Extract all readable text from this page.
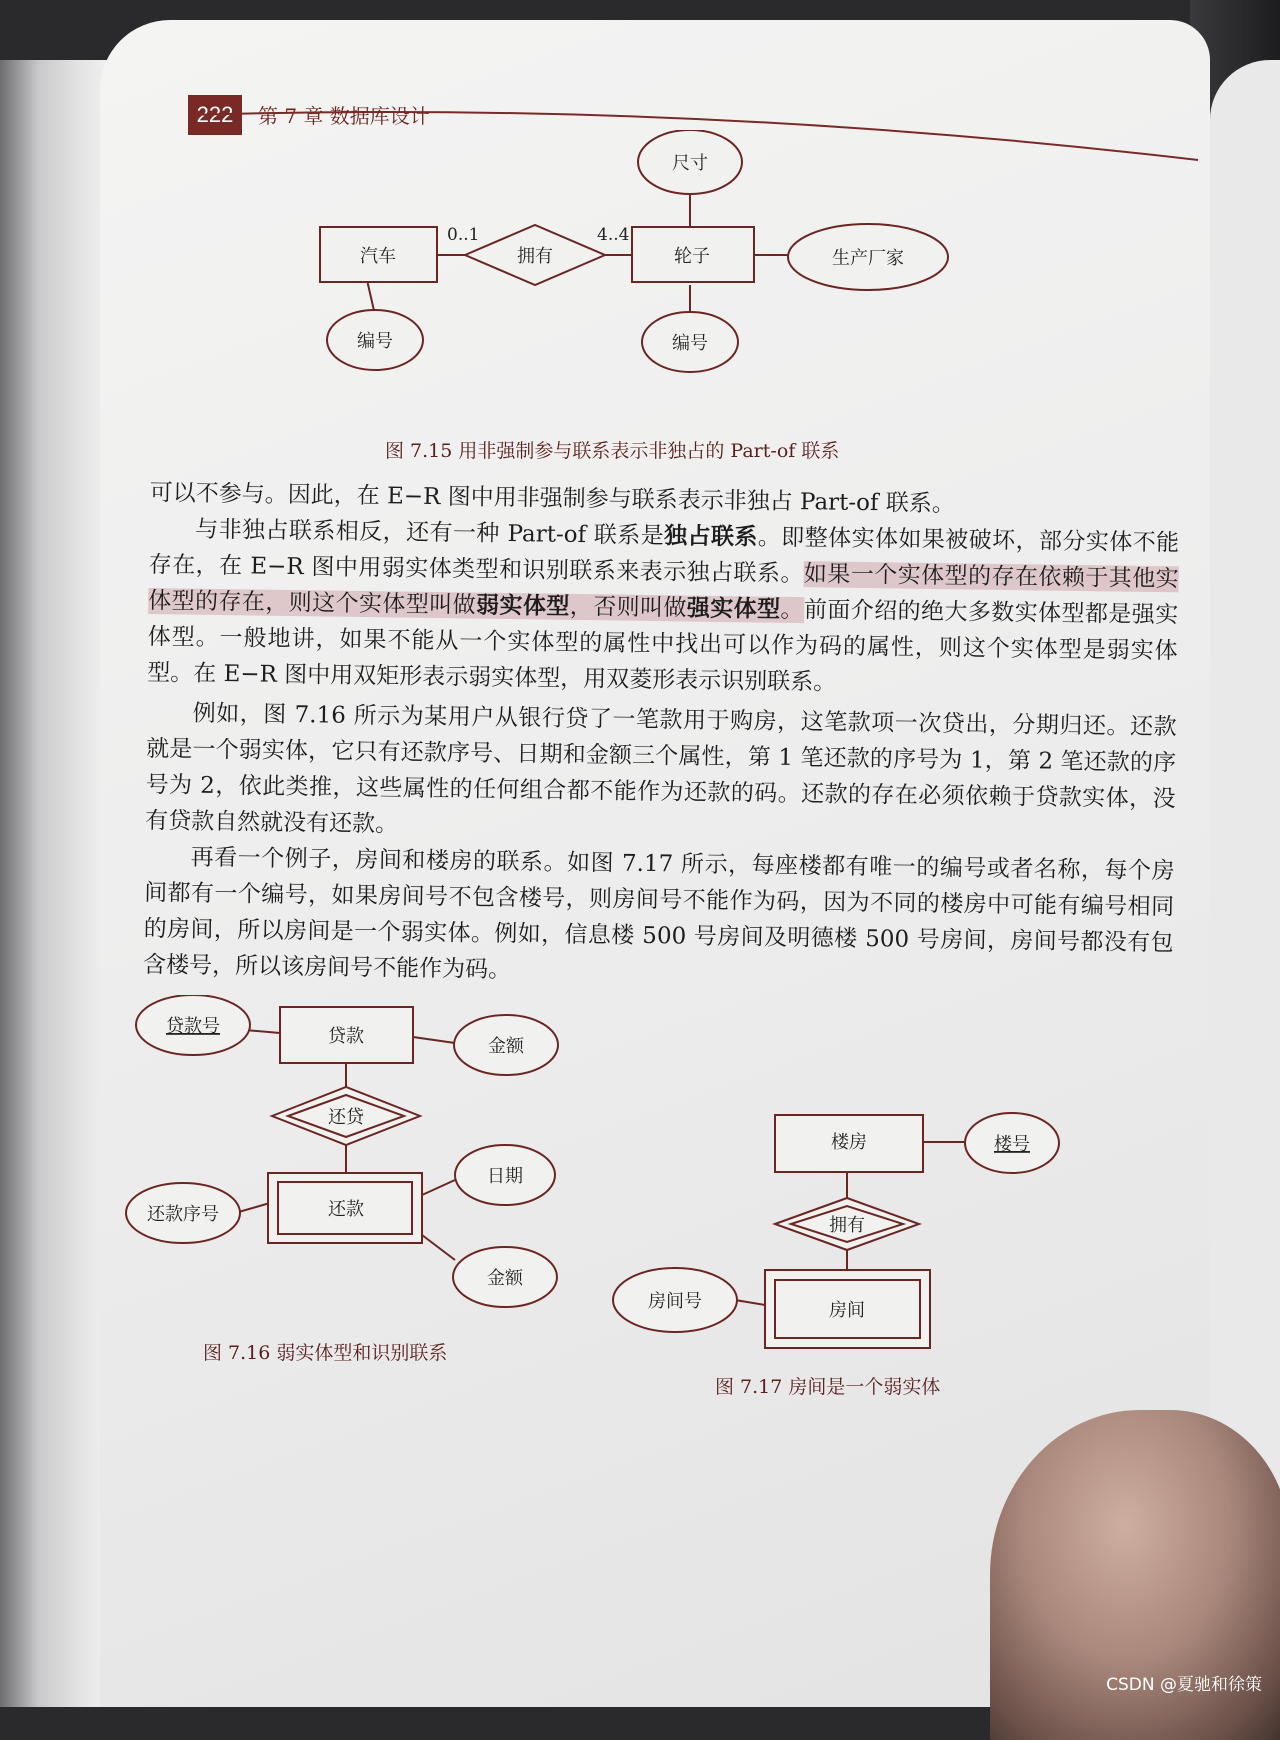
222	第 7 章 数据库设计
汽车	轮子
拥有
0..1	4..4
尺寸
生产厂家
编号	编号
图 7.15 用非强制参与联系表示非独占的 Part-of 联系

可以不参与。因此，在 E−R 图中用非强制参与联系表示非独占 Part-of 联系。

与非独占联系相反，还有一种 Part-of 联系是独占联系。即整体实体如果被破坏，部分实体不能存在，在 E−R 图中用弱实体类型和识别联系来表示独占联系。如果一个实体型的存在依赖于其他实体型的存在，则这个实体型叫做弱实体型，否则叫做强实体型。前面介绍的绝大多数实体型都是强实体型。一般地讲，如果不能从一个实体型的属性中找出可以作为码的属性，则这个实体型是弱实体型。在 E−R 图中用双矩形表示弱实体型，用双菱形表示识别联系。

例如，图 7.16 所示为某用户从银行贷了一笔款用于购房，这笔款项一次贷出，分期归还。还款就是一个弱实体，它只有还款序号、日期和金额三个属性，第 1 笔还款的序号为 1，第 2 笔还款的序号为 2，依此类推，这些属性的任何组合都不能作为还款的码。还款的存在必须依赖于贷款实体，没有贷款自然就没有还款。

再看一个例子，房间和楼房的联系。如图 7.17 所示，每座楼都有唯一的编号或者名称，每个房间都有一个编号，如果房间号不包含楼号，则房间号不能作为码，因为不同的楼房中可能有编号相同的房间，所以房间是一个弱实体。例如，信息楼 500 号房间及明德楼 500 号房间，房间号都没有包含楼号，所以该房间号不能作为码。

贷款
贷款号
金额
还贷
还款
还款序号
日期
金额
图 7.16 弱实体型和识别联系
楼房	楼号
拥有
房间
房间号
图 7.17 房间是一个弱实体
CSDN @夏驰和徐策
